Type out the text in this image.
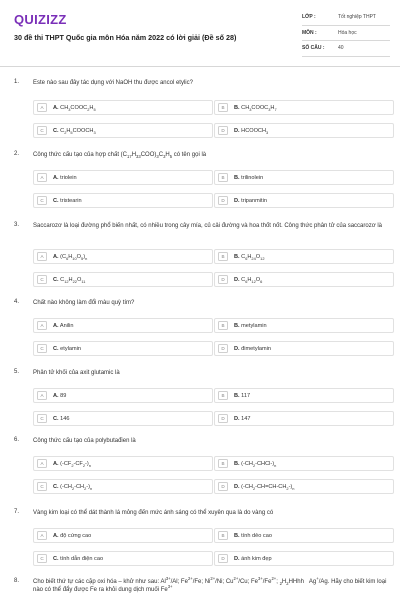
QUIZIZZ
30 đề thi THPT Quốc gia môn Hóa năm 2022 có lời giải (Đề số 28)
LỚP :	Tốt nghiệp THPT
MÔN :	Hóa học
SỐ CÂU :	40
1. Este nào sau đây tác dụng với NaOH thu được ancol etylic?
A	A. $CH_3COOC_2H_5$	B	B. $CH_3COOC_3H_7$
C	C. $C_2H_5COOCH_3$	D	D. $HCOOCH_3$
2. Công thức cấu tạo của hợp chất $(C_{17}H_{33}COO)_3C_3H_5$ có tên gọi là
A	A. triolein	B	B. trilinolein
C	C. tristearin	D	D. tripanmitin
3. Saccarozơ là loại đường phổ biến nhất, có nhiều trong cây mía, củ cải đường và hoa thốt nốt. Công thức phân tử của saccarozơ là
A	A. $(C_6H_{10}O_5)_n$	B	B. $C_6H_{24}O_{12}$
C	C. $C_{12}H_{22}O_{11}$	D	D. $C_6H_{12}O_6$
4. Chất nào không làm đổi màu quỳ tím?
A	A. Anilin	B	B. metylamin
C	C. etylamin	D	D. đimetylamin
5. Phân tử khối của axit glutamic là
A	A. 89	B	B. 117
C	C. 146	D	D. 147
6. Công thức cấu tạo của polybutađien là
A	A. $(-CF_2-CF_2-)_n$	B	B. $(-CH_2-CHCl-)_n$
C	C. $(-CH_2-CH_2-)_n$	D	D. $(-CH_2-CH=CH-CH_2-)_n$
7. Vàng kim loại có thể dát thành lá mỏng đến mức ánh sáng có thể xuyên qua là do vàng có
A	A. độ cứng cao	B	B. tính dẻo cao
C	C. tính dẫn điện cao	D	D. ánh kim đẹp
8. Cho biết thứ tự các cặp oxi hóa – khử như sau: $Al^{3+}/Al$; $Fe^{2+}/Fe$; $Ni^{2+}/Ni$; $Cu^{2+}/Cu$; $Fe^{3+}/Fe^{2+}$; $_2H_2HHhh$   Ag+/Ag. Hãy cho biết kim loại nào có thể đẩy được Fe ra khỏi dung dịch muối $Fe^{3+}$
